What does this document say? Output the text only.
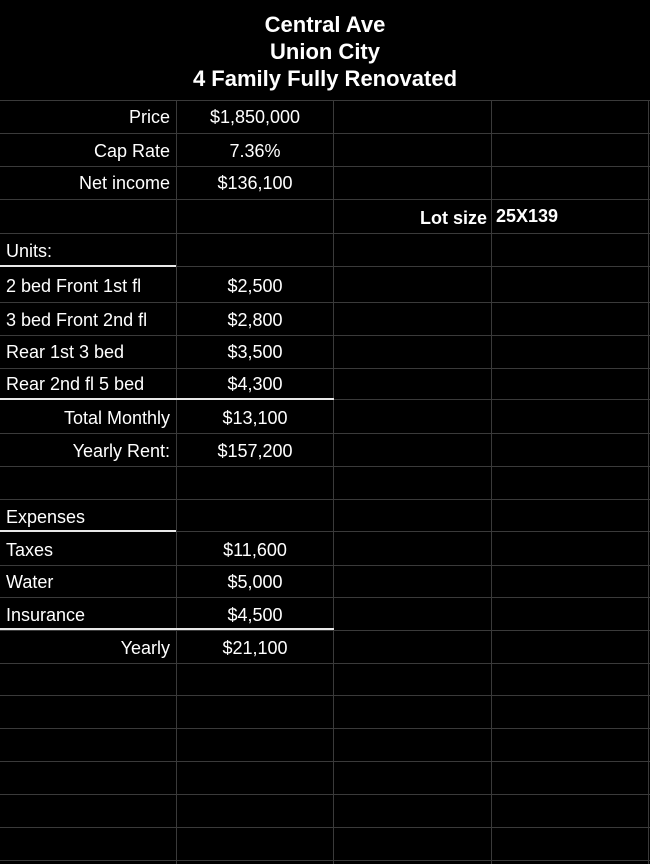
Central Ave
Union City
4 Family Fully Renovated
Price	$1,850,000
Cap Rate	7.36%
Net income	$136,100
Lot size 25X139
Units:
2 bed Front 1st fl	$2,500
3 bed Front 2nd fl	$2,800
Rear 1st 3 bed	$3,500
Rear 2nd fl 5 bed	$4,300
Total Monthly	$13,100
Yearly Rent:	$157,200
Expenses
Taxes	$11,600
Water	$5,000
Insurance	$4,500
Yearly	$21,100
